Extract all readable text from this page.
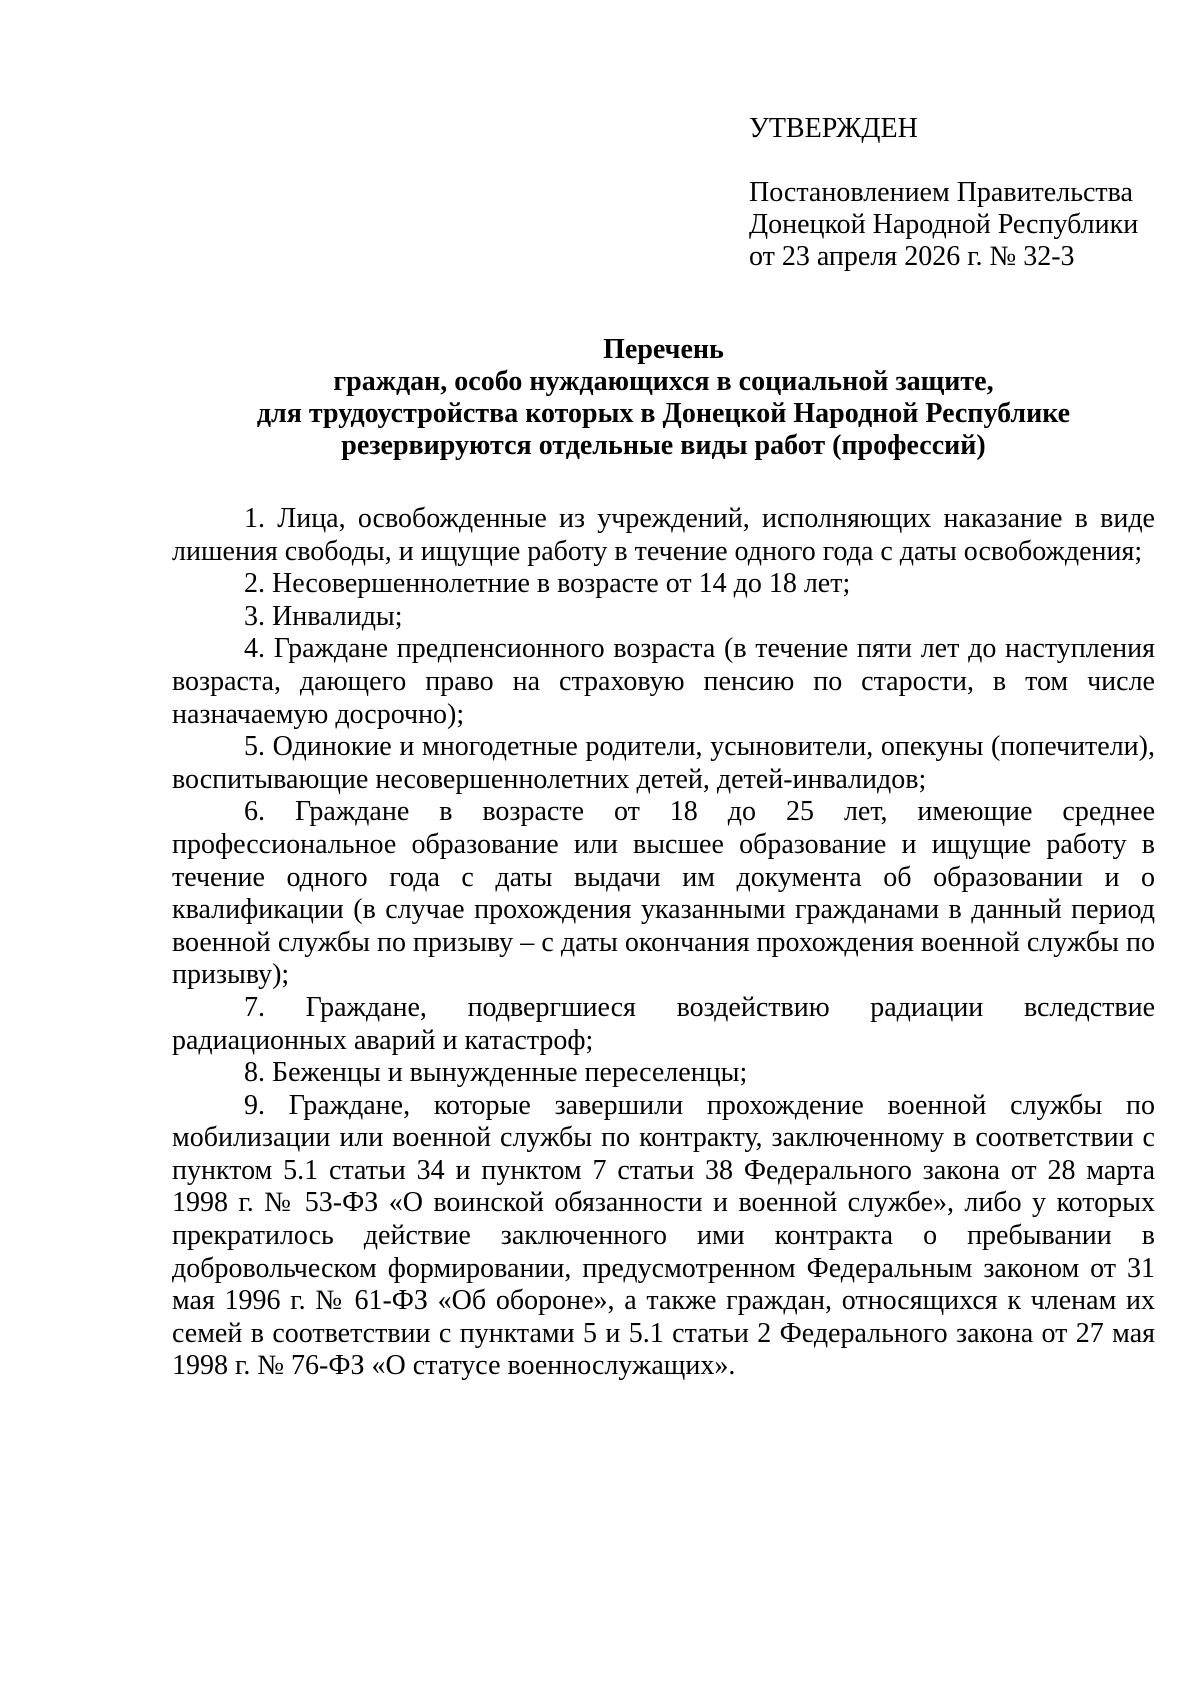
УТВЕРЖДЕН
Постановлением Правительства
Донецкой Народной Республики
от 23 апреля 2026 г. № 32-3
Перечень
граждан, особо нуждающихся в социальной защите,
для трудоустройства которых в Донецкой Народной Республике
резервируются отдельные виды работ (профессий)

1. Лица, освобожденные из учреждений, исполняющих наказание в виде лишения свободы, и ищущие работу в течение одного года с даты освобождения;

2. Несовершеннолетние в возрасте от 14 до 18 лет;

3. Инвалиды;

4. Граждане предпенсионного возраста (в течение пяти лет до наступления возраста, дающего право на страховую пенсию по старости, в том числе назначаемую досрочно);

5. Одинокие и многодетные родители, усыновители, опекуны (попечители), воспитывающие несовершеннолетних детей, детей-инвалидов;

6. Граждане в возрасте от 18 до 25 лет, имеющие среднее профессиональное образование или высшее образование и ищущие работу в течение одного года с даты выдачи им документа об образовании и о квалификации (в случае прохождения указанными гражданами в данный период военной службы по призыву – с даты окончания прохождения военной службы по призыву);

7. Граждане, подвергшиеся воздействию радиации вследствие радиационных аварий и катастроф;

8. Беженцы и вынужденные переселенцы;

9. Граждане, которые завершили прохождение военной службы по мобилизации или военной службы по контракту, заключенному в соответствии с пунктом 5.1 статьи 34 и пунктом 7 статьи 38 Федерального закона от 28 марта 1998 г. № 53-ФЗ «О воинской обязанности и военной службе», либо у которых прекратилось действие заключенного ими контракта о пребывании в добровольческом формировании, предусмотренном Федеральным законом от 31 мая 1996 г. № 61-ФЗ «Об обороне», а также граждан, относящихся к членам их семей в соответствии с пунктами 5 и 5.1 статьи 2 Федерального закона от 27 мая 1998 г. № 76-ФЗ «О статусе военнослужащих».
